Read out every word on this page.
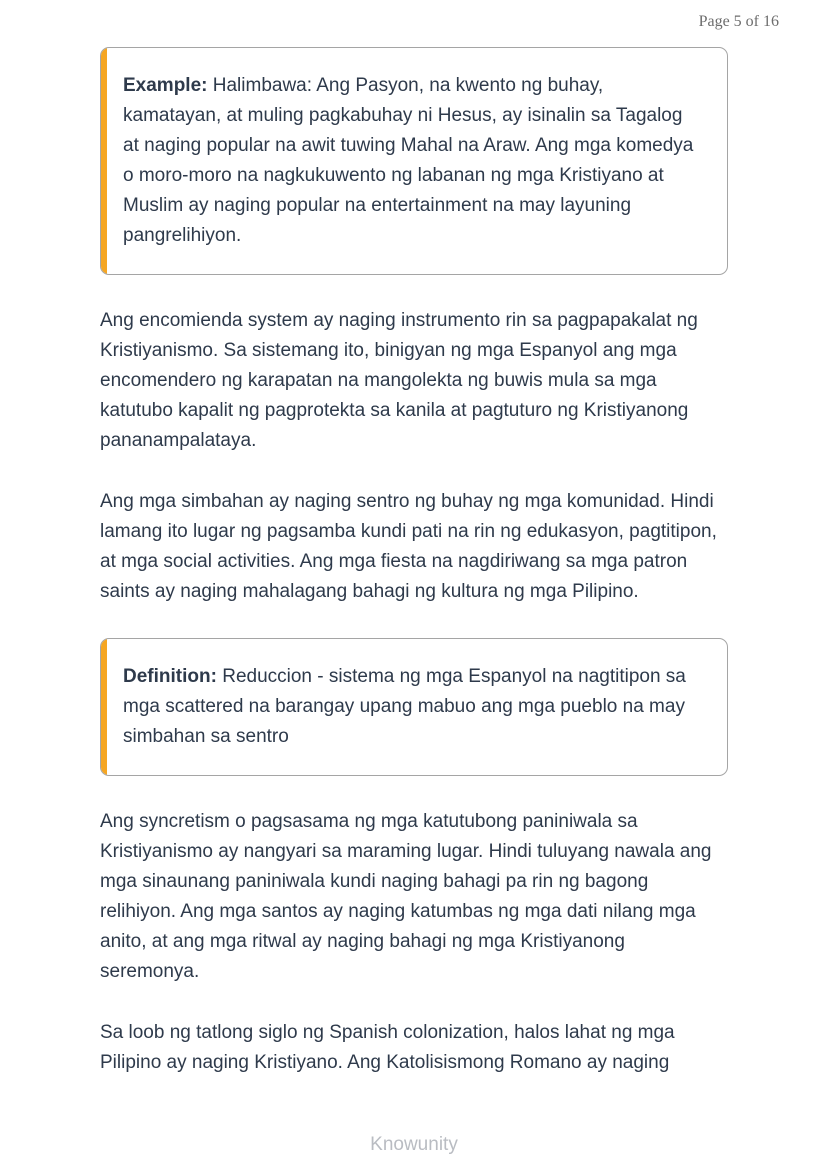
Page 5 of 16

Example: Halimbawa: Ang Pasyon, na kwento ng buhay, kamatayan, at muling pagkabuhay ni Hesus, ay isinalin sa Tagalog at naging popular na awit tuwing Mahal na Araw. Ang mga komedya o moro-moro na nagkukuwento ng labanan ng mga Kristiyano at Muslim ay naging popular na entertainment na may layuning pangrelihiyon.

Ang encomienda system ay naging instrumento rin sa pagpapakalat ng Kristiyanismo. Sa sistemang ito, binigyan ng mga Espanyol ang mga encomendero ng karapatan na mangolekta ng buwis mula sa mga katutubo kapalit ng pagprotekta sa kanila at pagtuturo ng Kristiyanong pananampalataya.

Ang mga simbahan ay naging sentro ng buhay ng mga komunidad. Hindi lamang ito lugar ng pagsamba kundi pati na rin ng edukasyon, pagtitipon, at mga social activities. Ang mga fiesta na nagdiriwang sa mga patron saints ay naging mahalagang bahagi ng kultura ng mga Pilipino.

Definition: Reduccion - sistema ng mga Espanyol na nagtitipon sa mga scattered na barangay upang mabuo ang mga pueblo na may simbahan sa sentro

Ang syncretism o pagsasama ng mga katutubong paniniwala sa Kristiyanismo ay nangyari sa maraming lugar. Hindi tuluyang nawala ang mga sinaunang paniniwala kundi naging bahagi pa rin ng bagong relihiyon. Ang mga santos ay naging katumbas ng mga dati nilang mga anito, at ang mga ritwal ay naging bahagi ng mga Kristiyanong seremonya.

Sa loob ng tatlong siglo ng Spanish colonization, halos lahat ng mga Pilipino ay naging Kristiyano. Ang Katolisismong Romano ay naging

Knowunity
